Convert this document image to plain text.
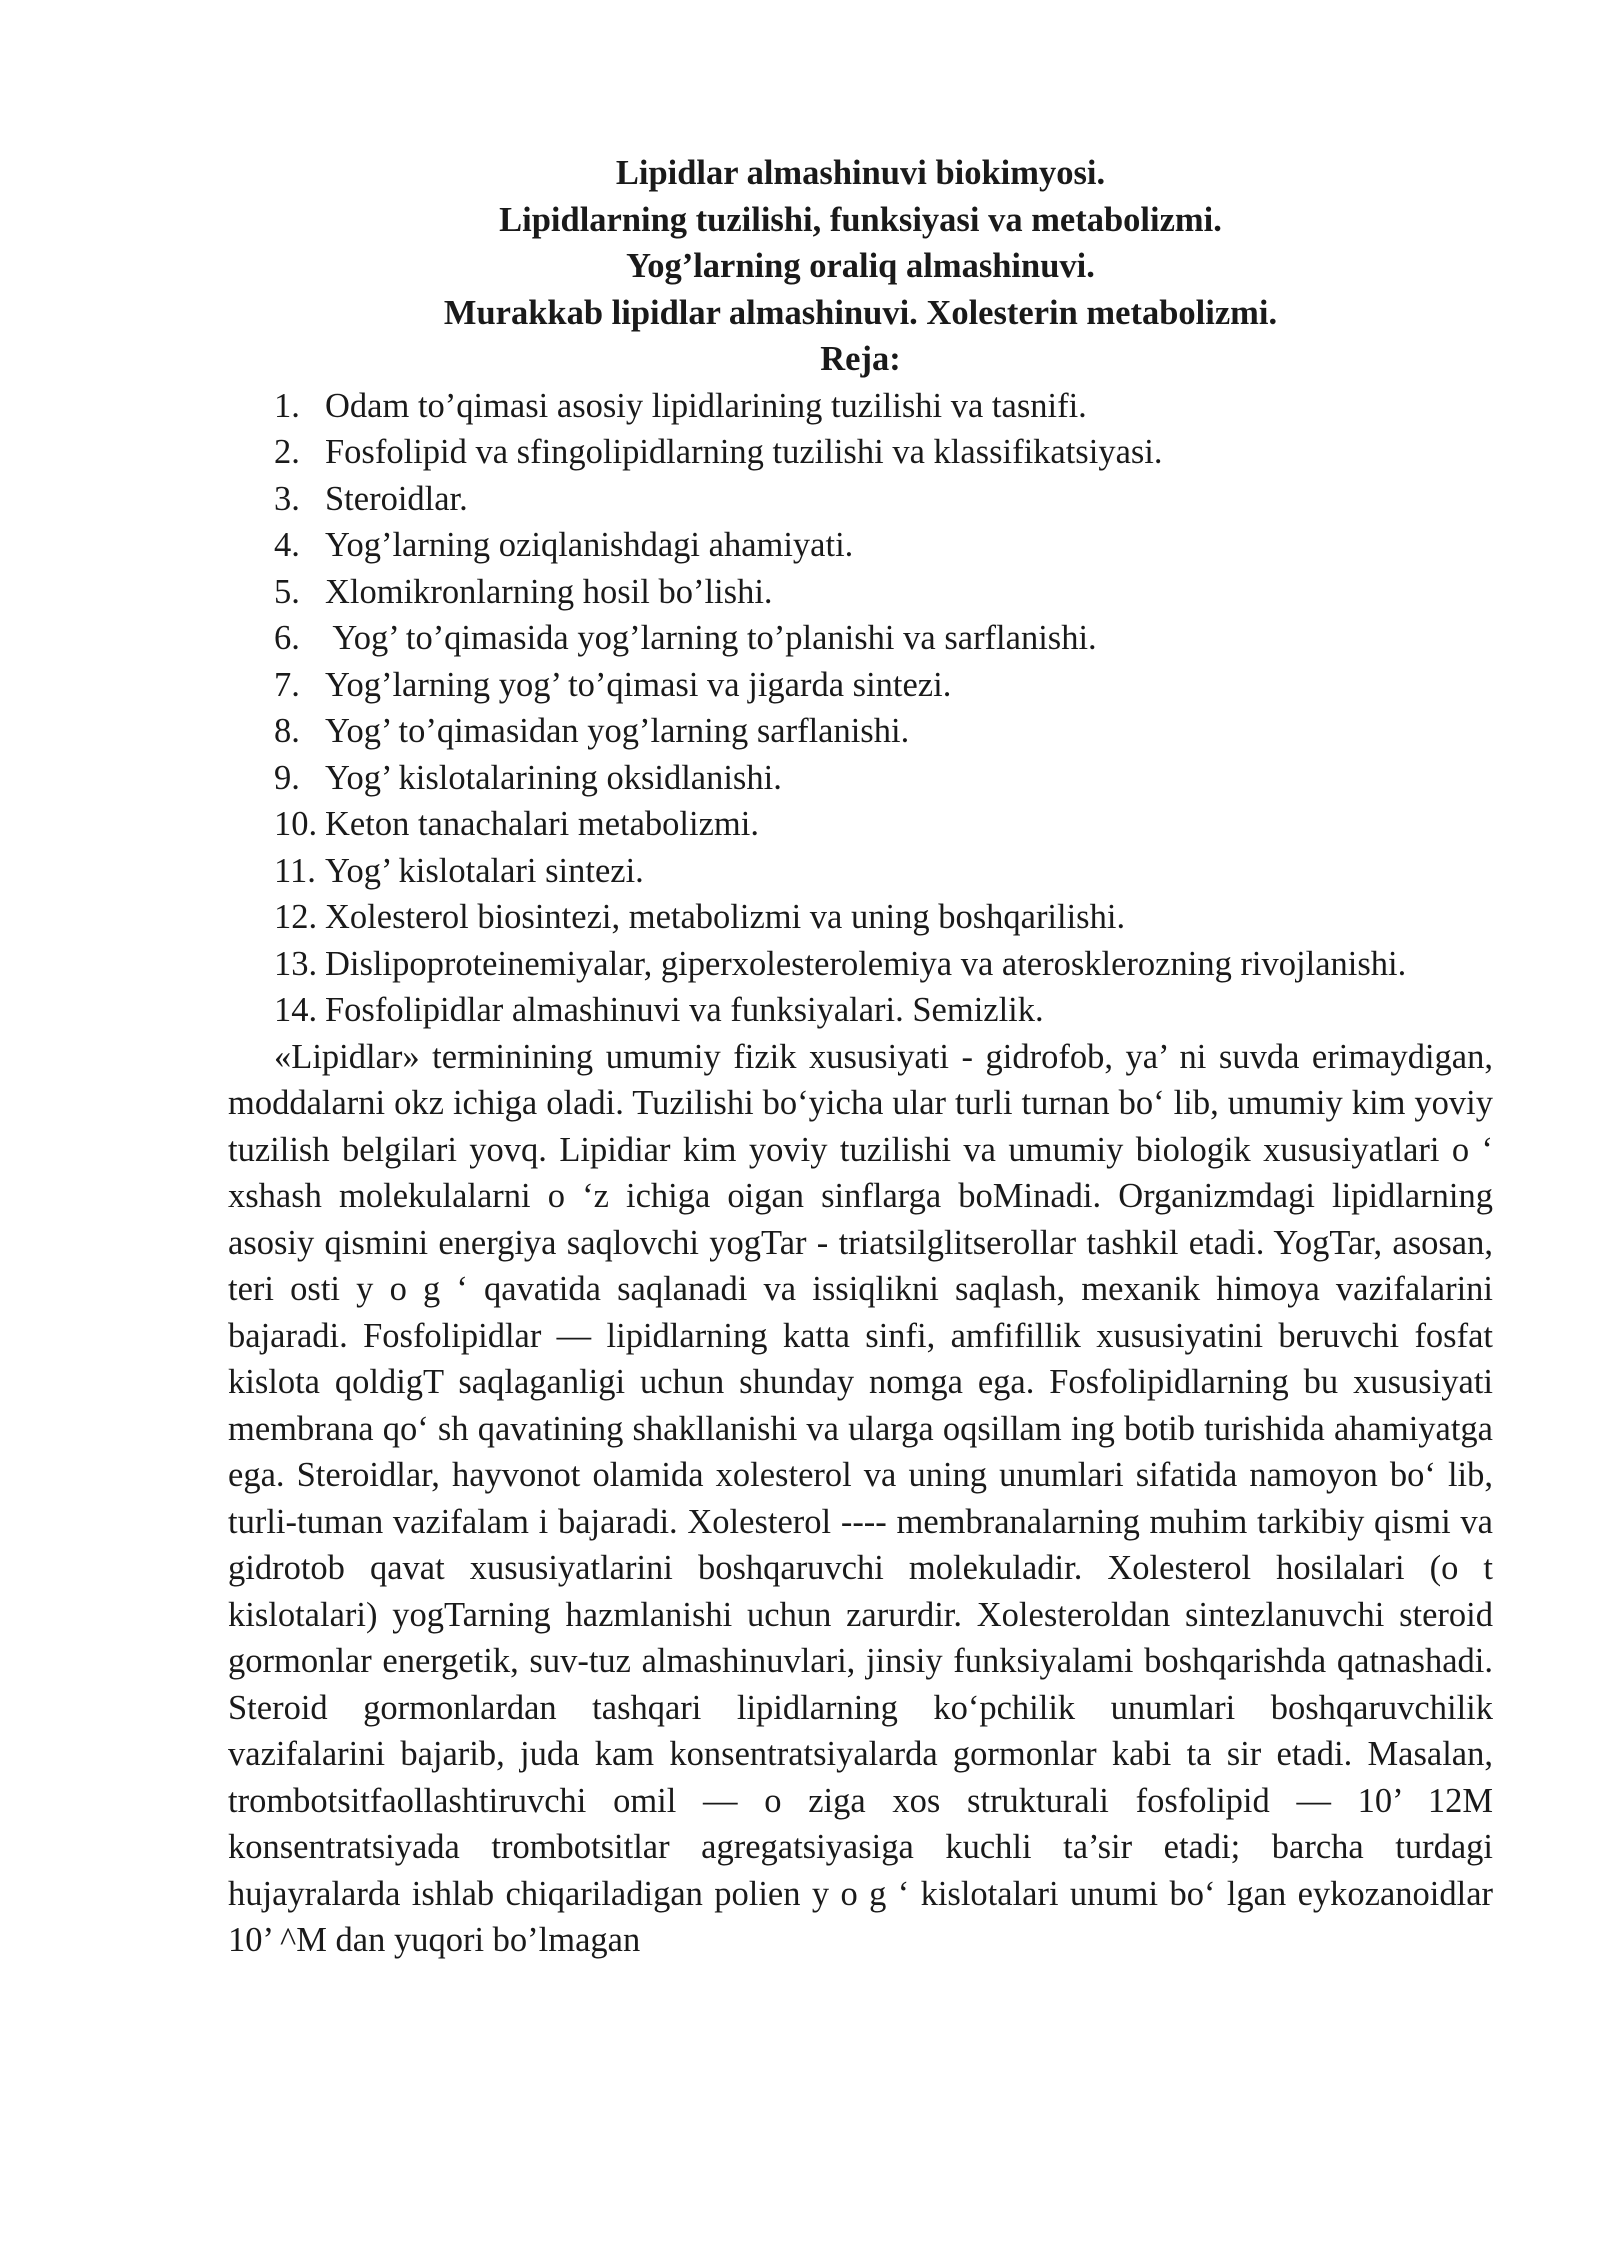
Lipidlar almashinuvi biokimyosi.

Lipidlarning tuzilishi, funksiyasi va metabolizmi.

Yog’larning oraliq almashinuvi.

Murakkab lipidlar almashinuvi. Xolesterin metabolizmi.

Reja:

1. Odam to’qimasi asosiy lipidlarining tuzilishi va tasnifi.
2. Fosfolipid va sfingolipidlarning tuzilishi va klassifikatsiyasi.
3. Steroidlar.
4. Yog’larning oziqlanishdagi ahamiyati.
5. Xlomikronlarning hosil bo’lishi.
6. Yog’ to’qimasida yog’larning to’planishi va sarflanishi.
7. Yog’larning yog’ to’qimasi va jigarda sintezi.
8. Yog’ to’qimasidan yog’larning sarflanishi.
9. Yog’ kislotalarining oksidlanishi.
10. Keton tanachalari metabolizmi.
11. Yog’ kislotalari sintezi.
12. Xolesterol biosintezi, metabolizmi va uning boshqarilishi.
13. Dislipoproteinemiyalar, giperxolesterolemiya va aterosklerozning rivojlanishi.
14. Fosfolipidlar almashinuvi va funksiyalari. Semizlik.

«Lipidlar» terminining umumiy fizik xususiyati - gidrofob, ya’ ni suvda erimaydigan, moddalarni okz ichiga oladi. Tuzilishi bo‘yicha ular turli turnan bo‘ lib, umumiy kim yoviy tuzilish belgilari yovq. Lipidiar kim yoviy tuzilishi va umumiy biologik xususiyatlari o ‘ xshash molekulalarni o ‘z ichiga oigan sinflarga boMinadi. Organizmdagi lipidlarning asosiy qismini energiya saqlovchi yogTar - triatsilglitserollar tashkil etadi. YogTar, asosan, teri osti y o g ‘ qavatida saqlanadi va issiqlikni saqlash, mexanik himoya vazifalarini bajaradi. Fosfolipidlar — lipidlarning katta sinfi, amfifillik xususiyatini beruvchi fosfat kislota qoldigT saqlaganligi uchun shunday nomga ega. Fosfolipidlarning bu xususiyati membrana qo‘ sh qavatining shakllanishi va ularga oqsillam ing botib turishida ahamiyatga ega. Steroidlar, hayvonot olamida xolesterol va uning unumlari sifatida namoyon bo‘ lib, turli-tuman vazifalam i bajaradi. Xolesterol ---- membranalarning muhim tarkibiy qismi va gidrotob qavat xususiyatlarini boshqaruvchi molekuladir. Xolesterol hosilalari (o t kislotalari) yogTarning hazmlanishi uchun zarurdir. Xolesteroldan sintezlanuvchi steroid gormonlar energetik, suv-tuz almashinuvlari, jinsiy funksiyalami boshqarishda qatnashadi. Steroid gormonlardan tashqari lipidlarning ko‘pchilik unumlari boshqaruvchilik vazifalarini bajarib, juda kam konsentratsiyalarda gormonlar kabi ta sir etadi. Masalan, trombotsitfaollashtiruvchi omil — o ziga xos strukturali fosfolipid — 10’ 12M konsentratsiyada trombotsitlar agregatsiyasiga kuchli ta’sir etadi; barcha turdagi hujayralarda ishlab chiqariladigan polien y o g ‘ kislotalari unumi bo‘ lgan eykozanoidlar 10’ ^M dan yuqori bo’lmagan
